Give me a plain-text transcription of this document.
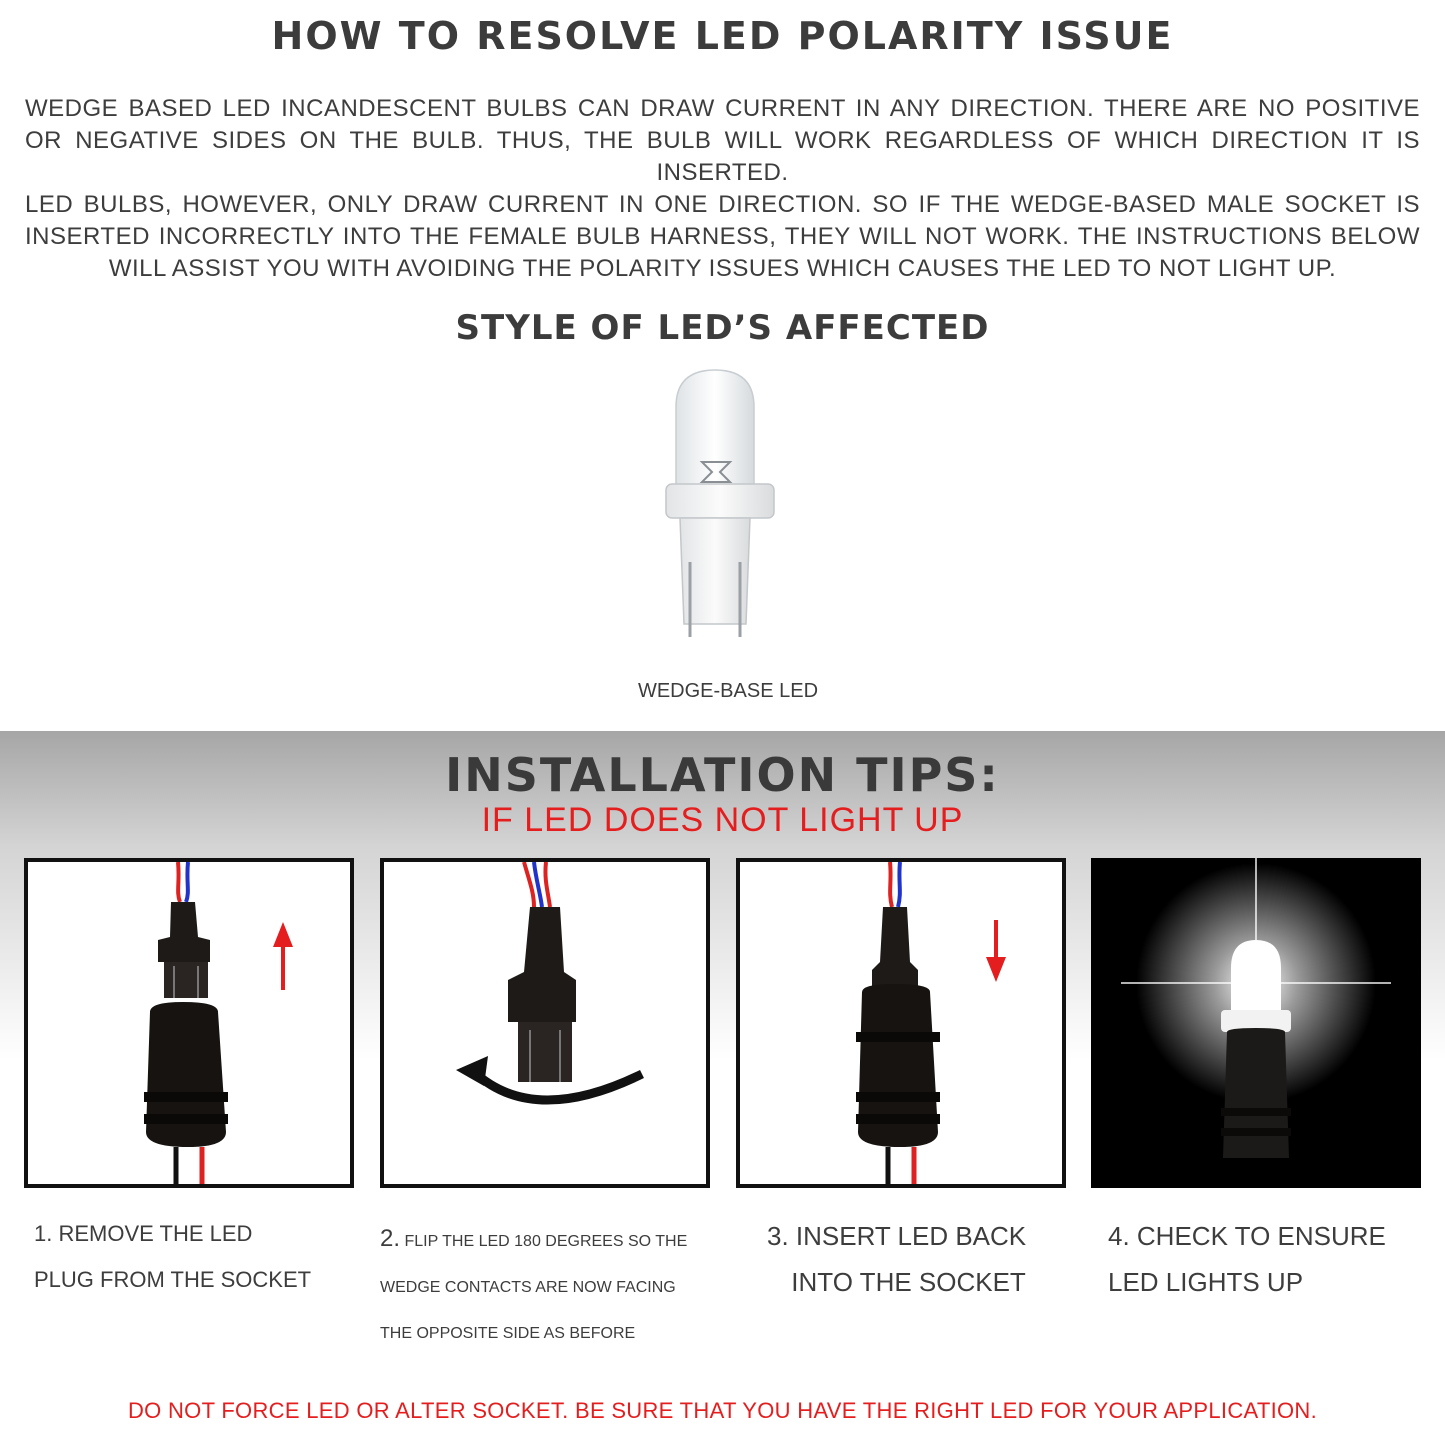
HOW TO RESOLVE LED POLARITY ISSUE
WEDGE BASED LED INCANDESCENT BULBS CAN DRAW CURRENT IN ANY DIRECTION. THERE ARE NO POSITIVE OR NEGATIVE SIDES ON THE BULB. THUS, THE BULB WILL WORK REGARDLESS OF WHICH DIRECTION IT IS INSERTED.
LED BULBS, HOWEVER, ONLY DRAW CURRENT IN ONE DIRECTION. SO IF THE WEDGE-BASED MALE SOCKET IS INSERTED INCORRECTLY INTO THE FEMALE BULB HARNESS, THEY WILL NOT WORK. THE INSTRUCTIONS BELOW WILL ASSIST YOU WITH AVOIDING THE POLARITY ISSUES WHICH CAUSES THE LED TO NOT LIGHT UP.
STYLE OF LED’S AFFECTED
WEDGE-BASE LED
INSTALLATION TIPS:
IF LED DOES NOT LIGHT UP
1. REMOVE THE LED
PLUG FROM THE SOCKET
2. FLIP THE LED 180 DEGREES SO THE
WEDGE CONTACTS ARE NOW FACING
THE OPPOSITE SIDE AS BEFORE
3. INSERT LED BACK
INTO THE SOCKET
4. CHECK TO ENSURE
LED LIGHTS UP
DO NOT FORCE LED OR ALTER SOCKET. BE SURE THAT YOU HAVE THE RIGHT LED FOR YOUR APPLICATION.
